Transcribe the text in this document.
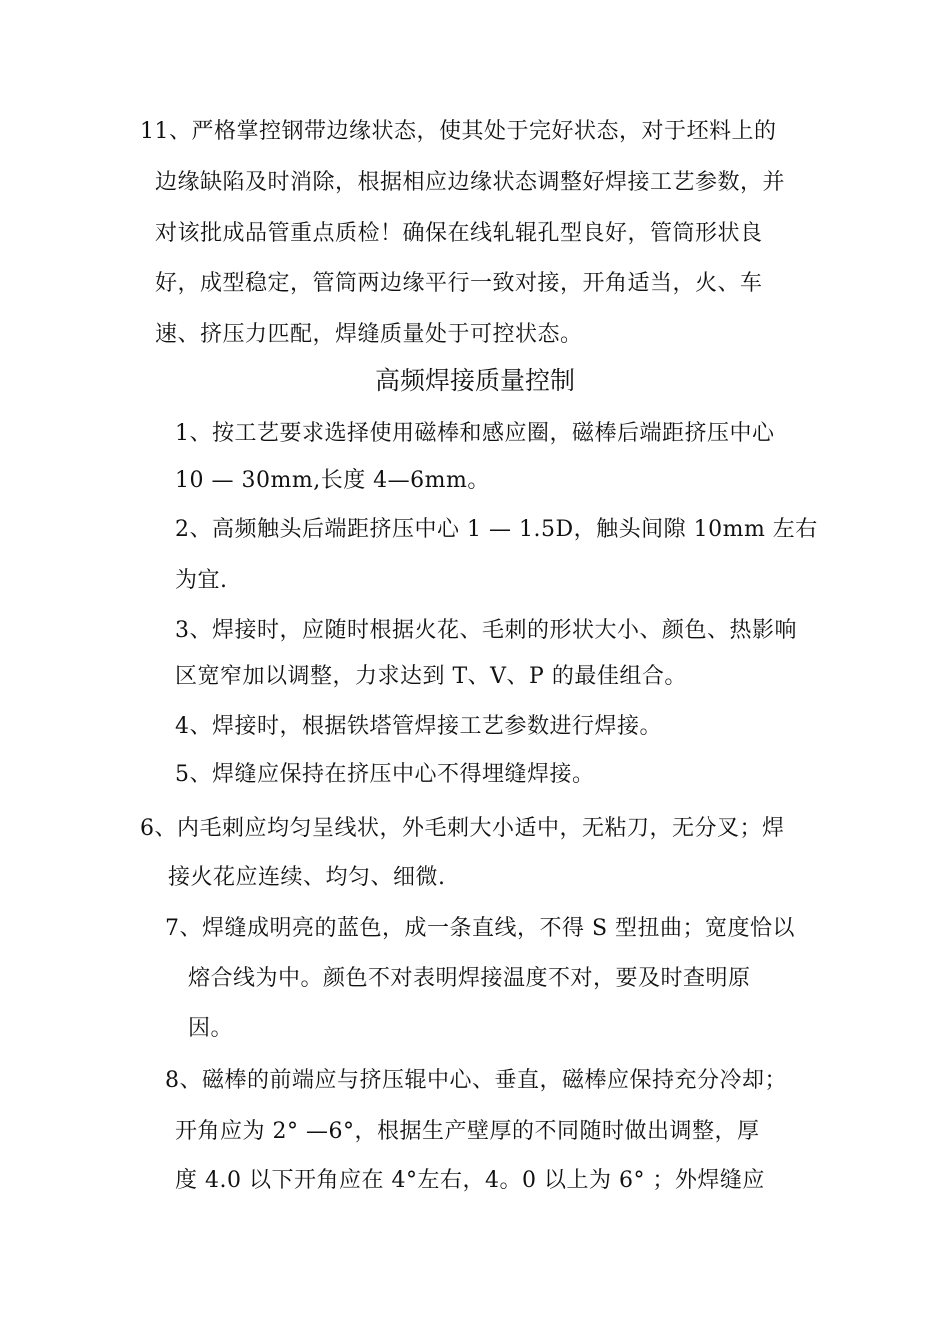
11、严格掌控钢带边缘状态，使其处于完好状态，对于坯料上的
边缘缺陷及时消除，根据相应边缘状态调整好焊接工艺参数，并
对该批成品管重点质检！确保在线轧辊孔型良好，管筒形状良
好，成型稳定，管筒两边缘平行一致对接，开角适当，火、车
速、挤压力匹配，焊缝质量处于可控状态。
高频焊接质量控制
1、按工艺要求选择使用磁棒和感应圈，磁棒后端距挤压中心
10 — 30mm,长度 4—6mm。
2、高频触头后端距挤压中心 1 — 1.5D，触头间隙 10mm 左右
为宜.
3、焊接时，应随时根据火花、毛刺的形状大小、颜色、热影响
区宽窄加以调整，力求达到 T、V、P 的最佳组合。
4、焊接时，根据铁塔管焊接工艺参数进行焊接。
5、焊缝应保持在挤压中心不得埋缝焊接。
6、内毛刺应均匀呈线状，外毛刺大小适中，无粘刀，无分叉；焊
接火花应连续、均匀、细微.
7、焊缝成明亮的蓝色，成一条直线，不得 S 型扭曲；宽度恰以
熔合线为中。颜色不对表明焊接温度不对，要及时查明原
因。
8、磁棒的前端应与挤压辊中心、垂直，磁棒应保持充分冷却；
开角应为 2° —6°，根据生产壁厚的不同随时做出调整，厚
度 4.0 以下开角应在 4°左右，4。0 以上为 6° ；外焊缝应
